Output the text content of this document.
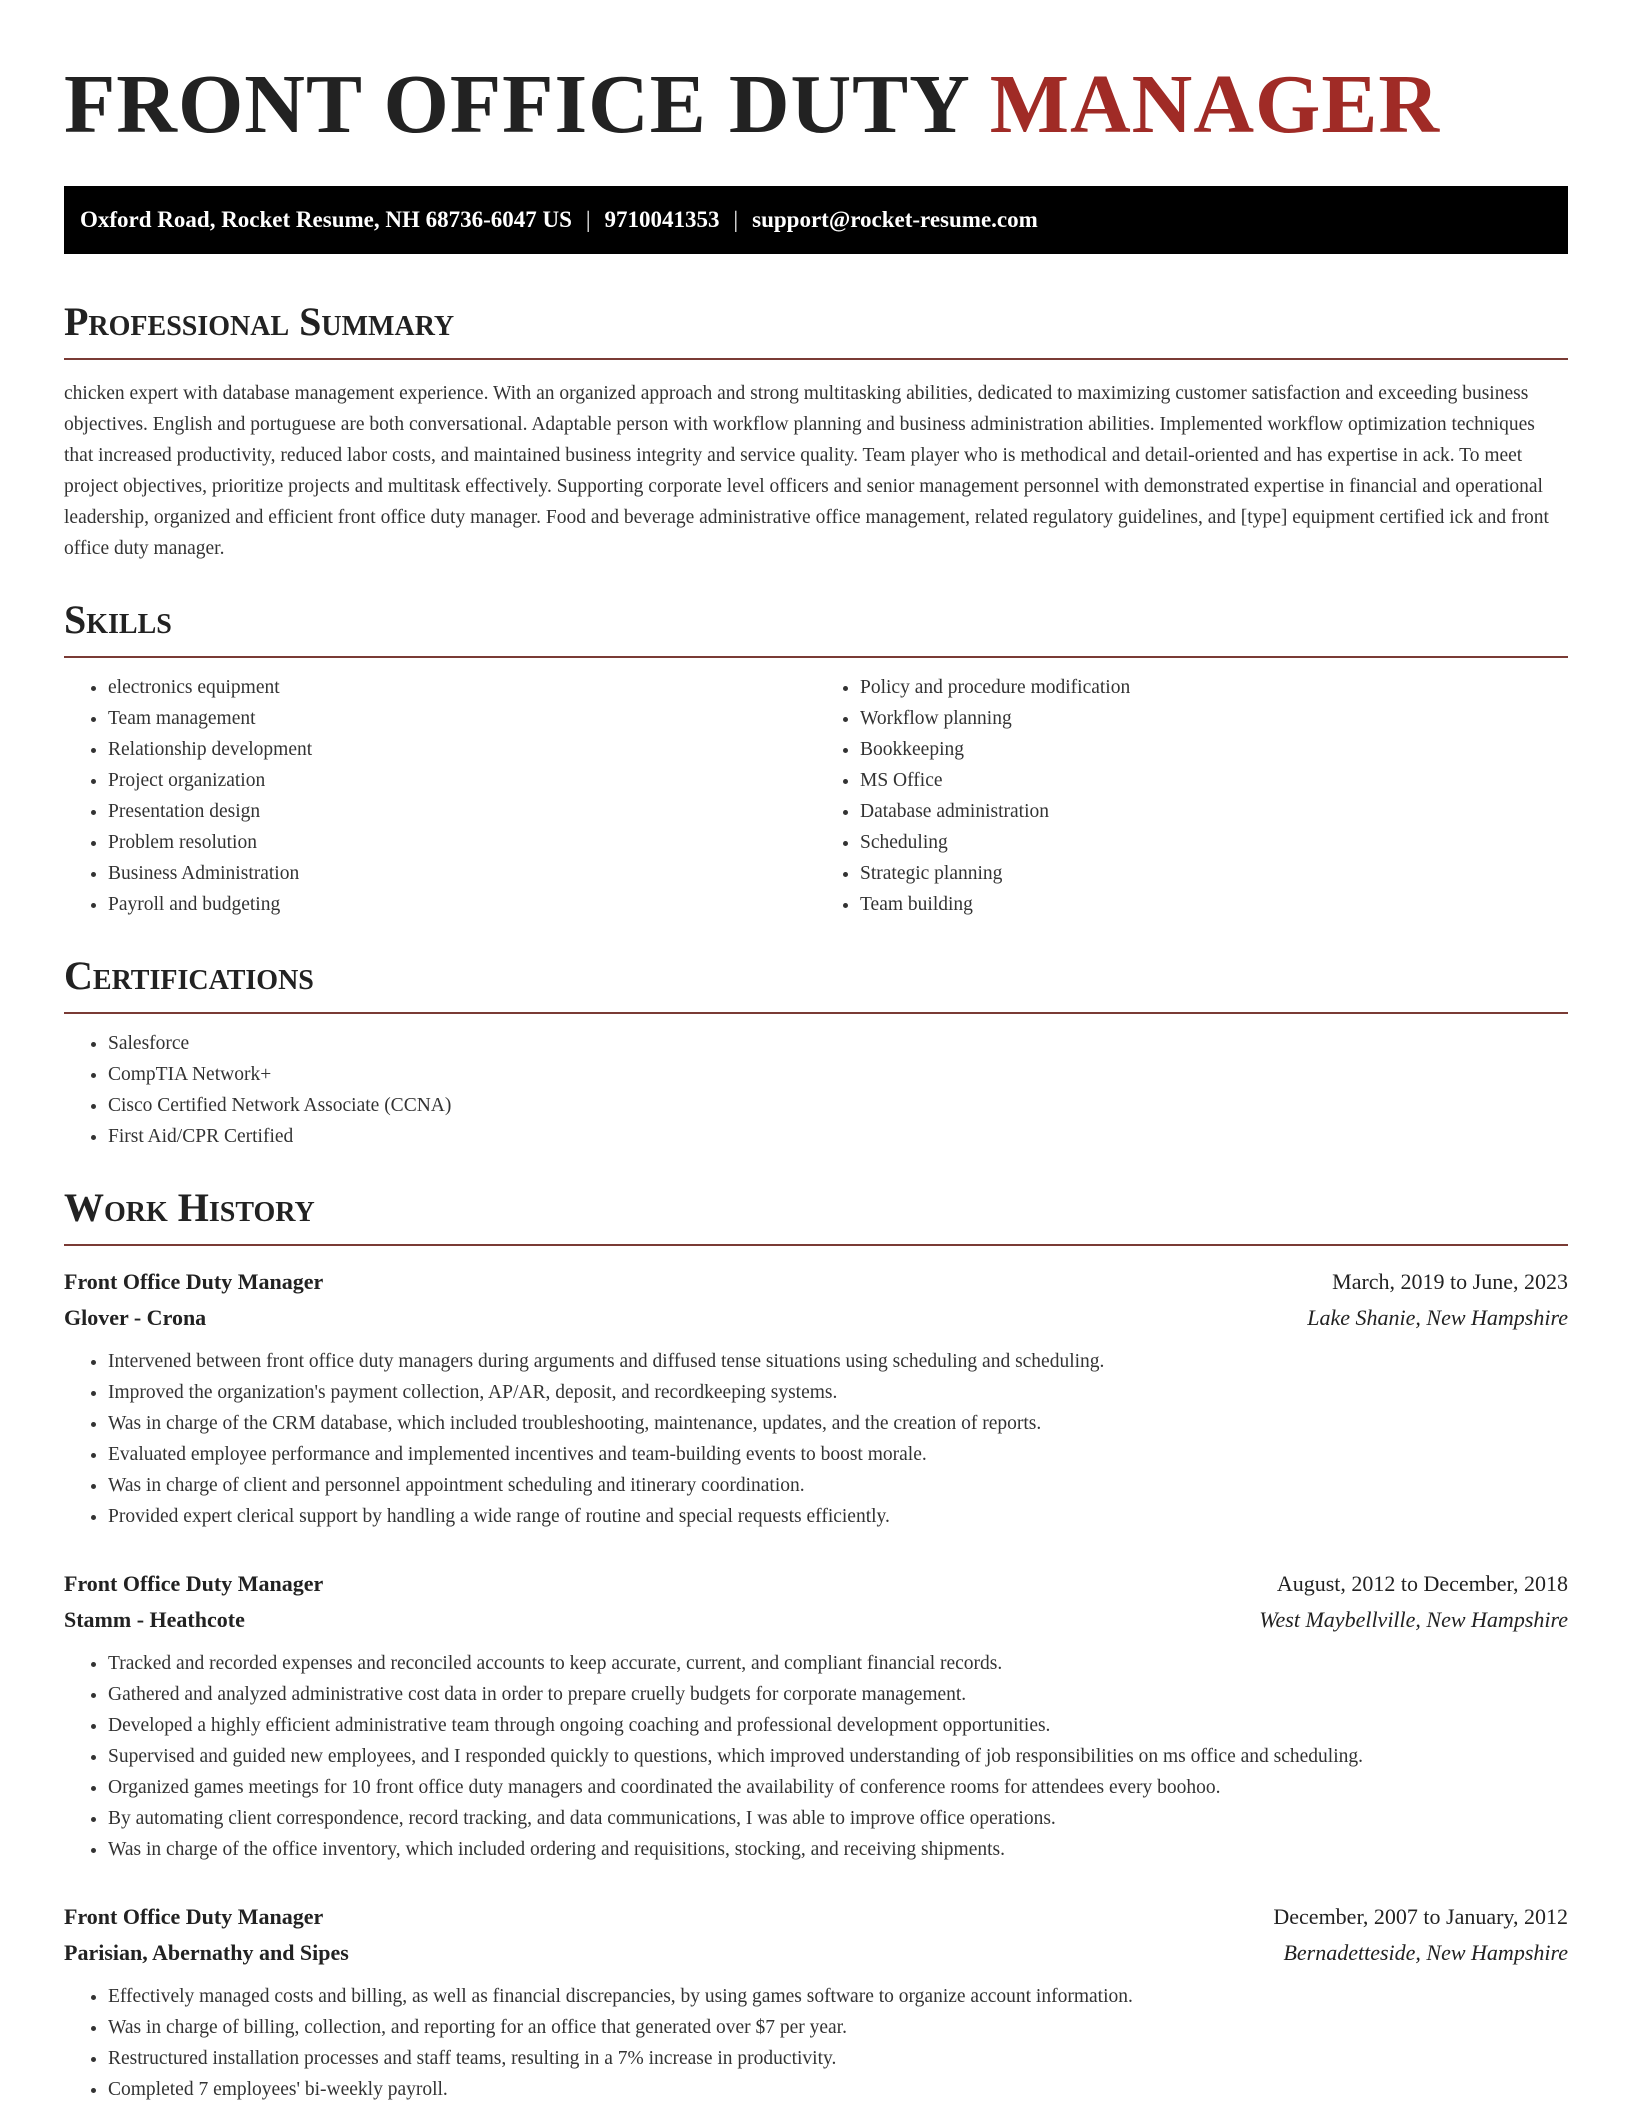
FRONT OFFICE DUTY MANAGER
Oxford Road, Rocket Resume, NH 68736-6047 US | 9710041353 | support@rocket-resume.com
Professional Summary

chicken expert with database management experience. With an organized approach and strong multitasking abilities, dedicated to maximizing customer satisfaction and exceeding business objectives. English and portuguese are both conversational. Adaptable person with workflow planning and business administration abilities. Implemented workflow optimization techniques that increased productivity, reduced labor costs, and maintained business integrity and service quality. Team player who is methodical and detail-oriented and has expertise in ack. To meet project objectives, prioritize projects and multitask effectively. Supporting corporate level officers and senior management personnel with demonstrated expertise in financial and operational leadership, organized and efficient front office duty manager. Food and beverage administrative office management, related regulatory guidelines, and [type] equipment certified ick and front office duty manager.

Skills
• electronics equipment
• Team management
• Relationship development
• Project organization
• Presentation design
• Problem resolution
• Business Administration
• Payroll and budgeting
• Policy and procedure modification
• Workflow planning
• Bookkeeping
• MS Office
• Database administration
• Scheduling
• Strategic planning
• Team building
Certifications
• Salesforce
• CompTIA Network+
• Cisco Certified Network Associate (CCNA)
• First Aid/CPR Certified
Work History
Front Office Duty Manager	March, 2019 to June, 2023
Glover - Crona	Lake Shanie, New Hampshire
• Intervened between front office duty managers during arguments and diffused tense situations using scheduling and scheduling.
• Improved the organization's payment collection, AP/AR, deposit, and recordkeeping systems.
• Was in charge of the CRM database, which included troubleshooting, maintenance, updates, and the creation of reports.
• Evaluated employee performance and implemented incentives and team-building events to boost morale.
• Was in charge of client and personnel appointment scheduling and itinerary coordination.
• Provided expert clerical support by handling a wide range of routine and special requests efficiently.
Front Office Duty Manager	August, 2012 to December, 2018
Stamm - Heathcote	West Maybellville, New Hampshire
• Tracked and recorded expenses and reconciled accounts to keep accurate, current, and compliant financial records.
• Gathered and analyzed administrative cost data in order to prepare cruelly budgets for corporate management.
• Developed a highly efficient administrative team through ongoing coaching and professional development opportunities.
• Supervised and guided new employees, and I responded quickly to questions, which improved understanding of job responsibilities on ms office and scheduling.
• Organized games meetings for 10 front office duty managers and coordinated the availability of conference rooms for attendees every boohoo.
• By automating client correspondence, record tracking, and data communications, I was able to improve office operations.
• Was in charge of the office inventory, which included ordering and requisitions, stocking, and receiving shipments.
Front Office Duty Manager	December, 2007 to January, 2012
Parisian, Abernathy and Sipes	Bernadetteside, New Hampshire
• Effectively managed costs and billing, as well as financial discrepancies, by using games software to organize account information.
• Was in charge of billing, collection, and reporting for an office that generated over $7 per year.
• Restructured installation processes and staff teams, resulting in a 7% increase in productivity.
• Completed 7 employees' bi-weekly payroll.
